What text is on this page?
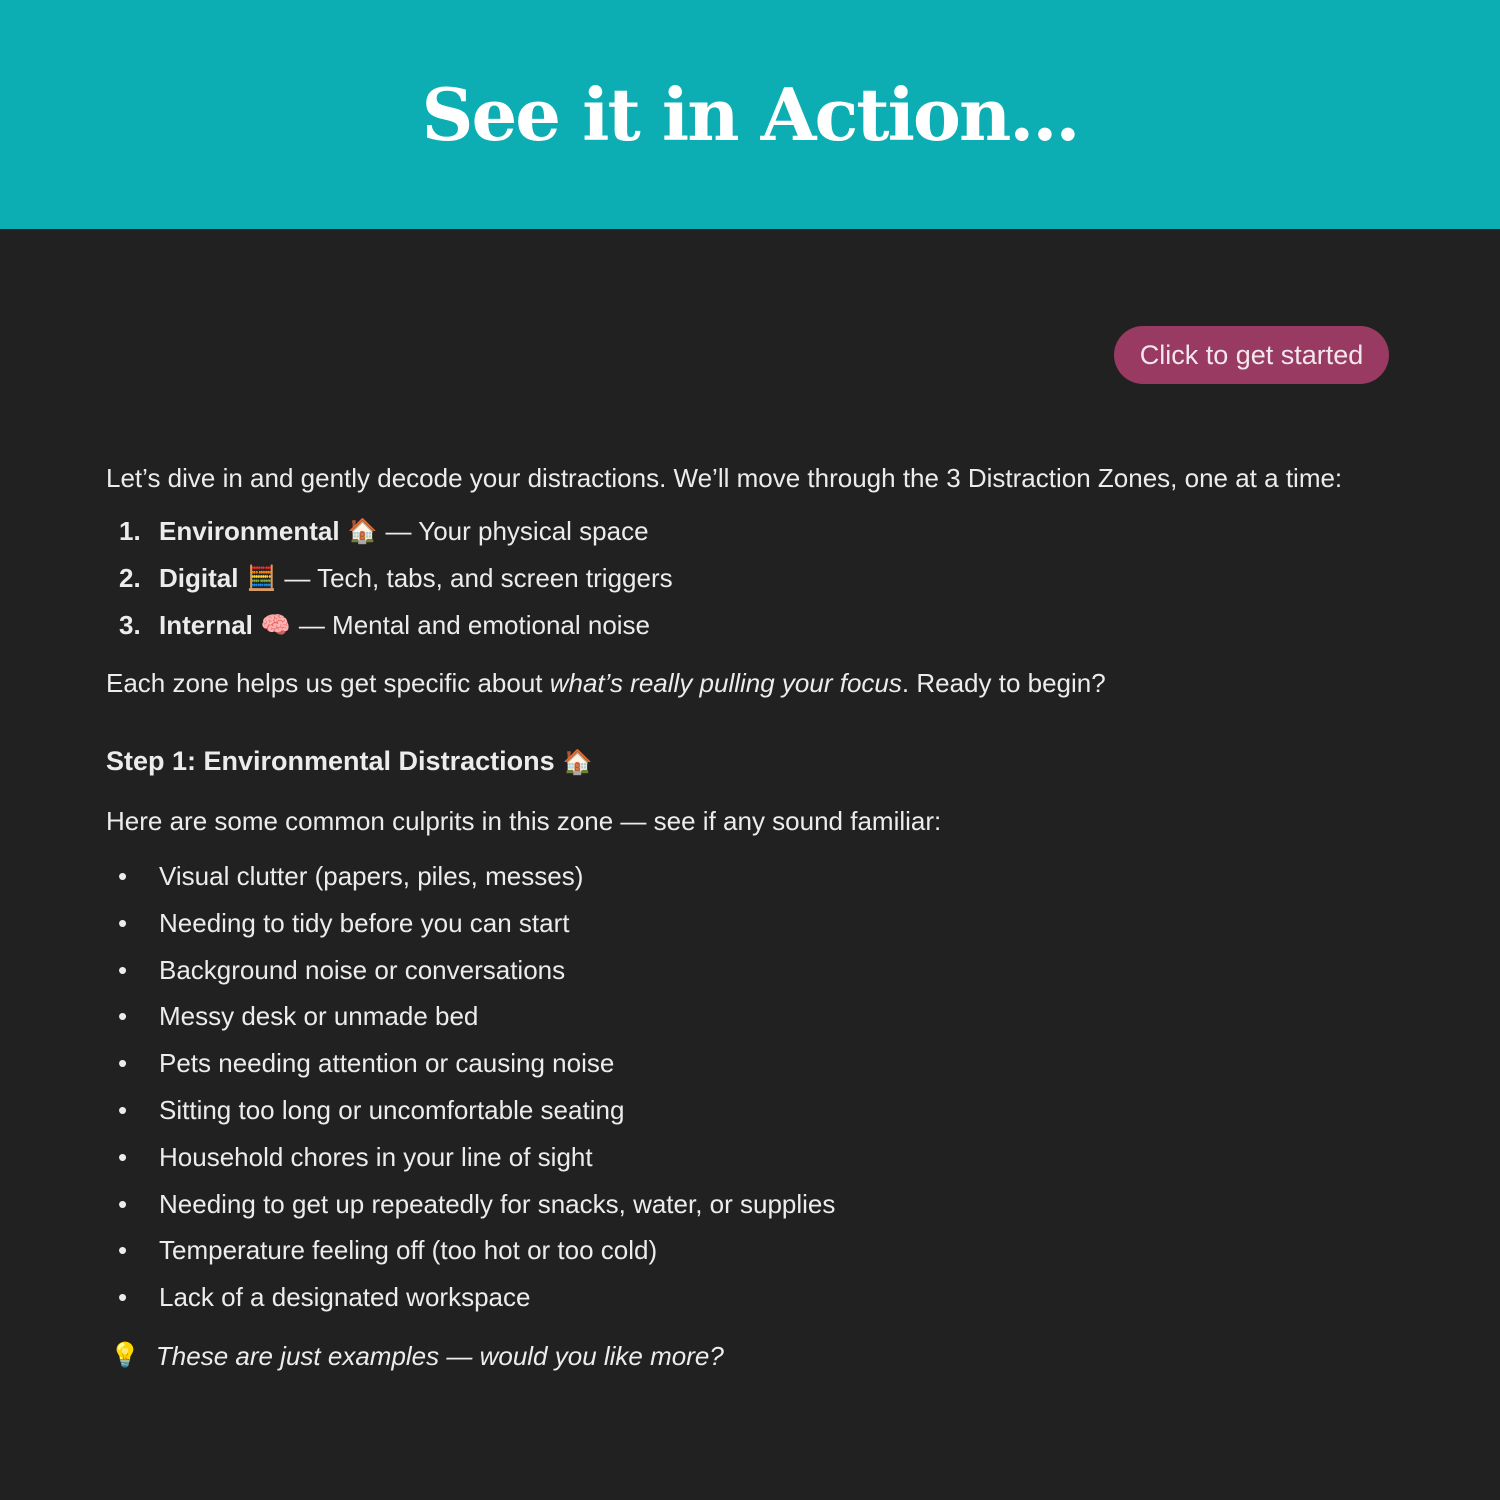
See it in Action...
Click to get started

Let’s dive in and gently decode your distractions. We’ll move through the 3 Distraction Zones, one at a time:

1. Environmental 🏠 — Your physical space
2. Digital 🧮 — Tech, tabs, and screen triggers
3. Internal 🧠 — Mental and emotional noise

Each zone helps us get specific about what’s really pulling your focus. Ready to begin?

Step 1: Environmental Distractions 🏠

Here are some common culprits in this zone — see if any sound familiar:

•	Visual clutter (papers, piles, messes)
•	Needing to tidy before you can start
•	Background noise or conversations
•	Messy desk or unmade bed
•	Pets needing attention or causing noise
•	Sitting too long or uncomfortable seating
•	Household chores in your line of sight
•	Needing to get up repeatedly for snacks, water, or supplies
•	Temperature feeling off (too hot or too cold)
•	Lack of a designated workspace

💡 These are just examples — would you like more?
